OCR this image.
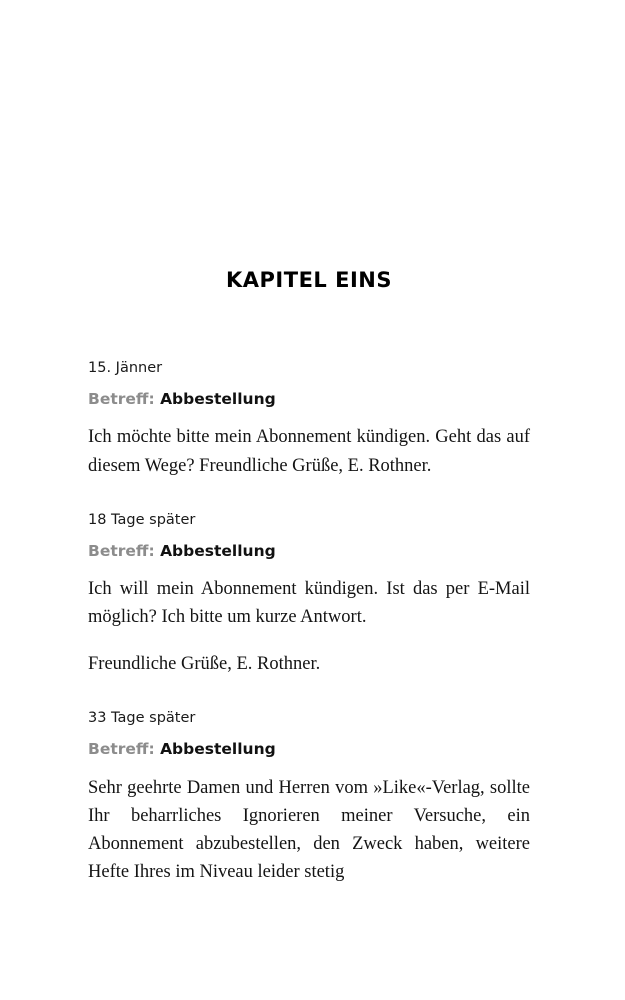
KAPITEL EINS
15. Jänner
Betreff: Abbestellung

Ich möchte bitte mein Abonnement kündigen. Geht das auf diesem Wege? Freundliche Grüße, E. Rothner.

18 Tage später
Betreff: Abbestellung

Ich will mein Abonnement kündigen. Ist das per E-Mail möglich? Ich bitte um kurze Antwort.

Freundliche Grüße, E. Rothner.

33 Tage später
Betreff: Abbestellung

Sehr geehrte Damen und Herren vom »Like«-Verlag, sollte Ihr beharrliches Ignorieren meiner Versuche, ein Abonnement abzubestellen, den Zweck haben, weitere Hefte Ihres im Niveau leider stetig
